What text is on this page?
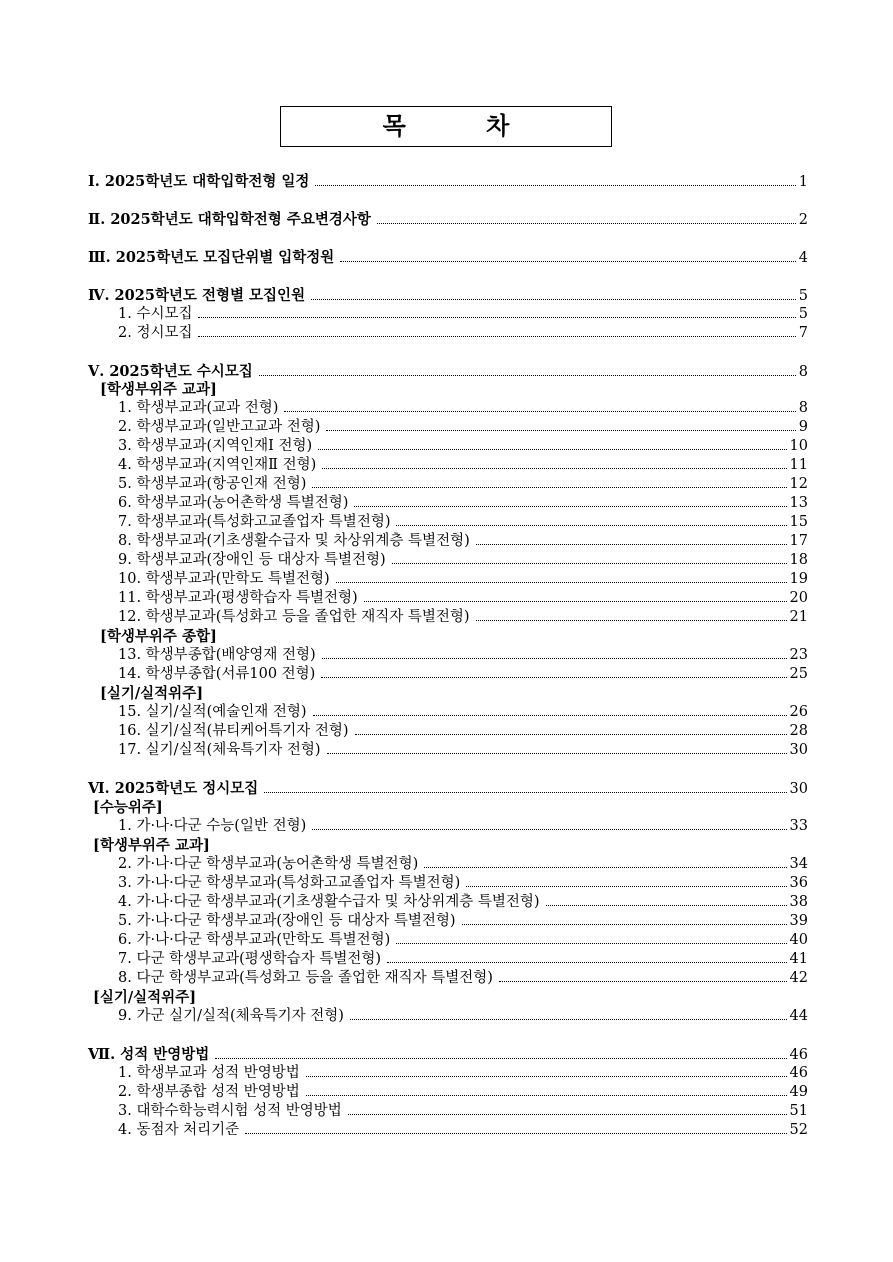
목 차
Ⅰ. 2025학년도 대학입학전형 일정	1
Ⅱ. 2025학년도 대학입학전형 주요변경사항	2
Ⅲ. 2025학년도 모집단위별 입학정원	4
Ⅳ. 2025학년도 전형별 모집인원	5
1. 수시모집	5
2. 정시모집	7
Ⅴ. 2025학년도 수시모집	8
[학생부위주 교과]
1. 학생부교과(교과 전형)	8
2. 학생부교과(일반고교과 전형)	9
3. 학생부교과(지역인재Ⅰ 전형)	10
4. 학생부교과(지역인재Ⅱ 전형)	11
5. 학생부교과(항공인재 전형)	12
6. 학생부교과(농어촌학생 특별전형)	13
7. 학생부교과(특성화고교졸업자 특별전형)	15
8. 학생부교과(기초생활수급자 및 차상위계층 특별전형)	17
9. 학생부교과(장애인 등 대상자 특별전형)	18
10. 학생부교과(만학도 특별전형)	19
11. 학생부교과(평생학습자 특별전형)	20
12. 학생부교과(특성화고 등을 졸업한 재직자 특별전형)	21
[학생부위주 종합]
13. 학생부종합(배양영재 전형)	23
14. 학생부종합(서류100 전형)	25
[실기/실적위주]
15. 실기/실적(예술인재 전형)	26
16. 실기/실적(뷰티케어특기자 전형)	28
17. 실기/실적(체육특기자 전형)	30
Ⅵ. 2025학년도 정시모집	30
[수능위주]
1. 가·나·다군 수능(일반 전형)	33
[학생부위주 교과]
2. 가·나·다군 학생부교과(농어촌학생 특별전형)	34
3. 가·나·다군 학생부교과(특성화고교졸업자 특별전형)	36
4. 가·나·다군 학생부교과(기초생활수급자 및 차상위계층 특별전형)	38
5. 가·나·다군 학생부교과(장애인 등 대상자 특별전형)	39
6. 가·나·다군 학생부교과(만학도 특별전형)	40
7. 다군 학생부교과(평생학습자 특별전형)	41
8. 다군 학생부교과(특성화고 등을 졸업한 재직자 특별전형)	42
[실기/실적위주]
9. 가군 실기/실적(체육특기자 전형)	44
Ⅶ. 성적 반영방법	46
1. 학생부교과 성적 반영방법	46
2. 학생부종합 성적 반영방법	49
3. 대학수학능력시험 성적 반영방법	51
4. 동점자 처리기준	52
